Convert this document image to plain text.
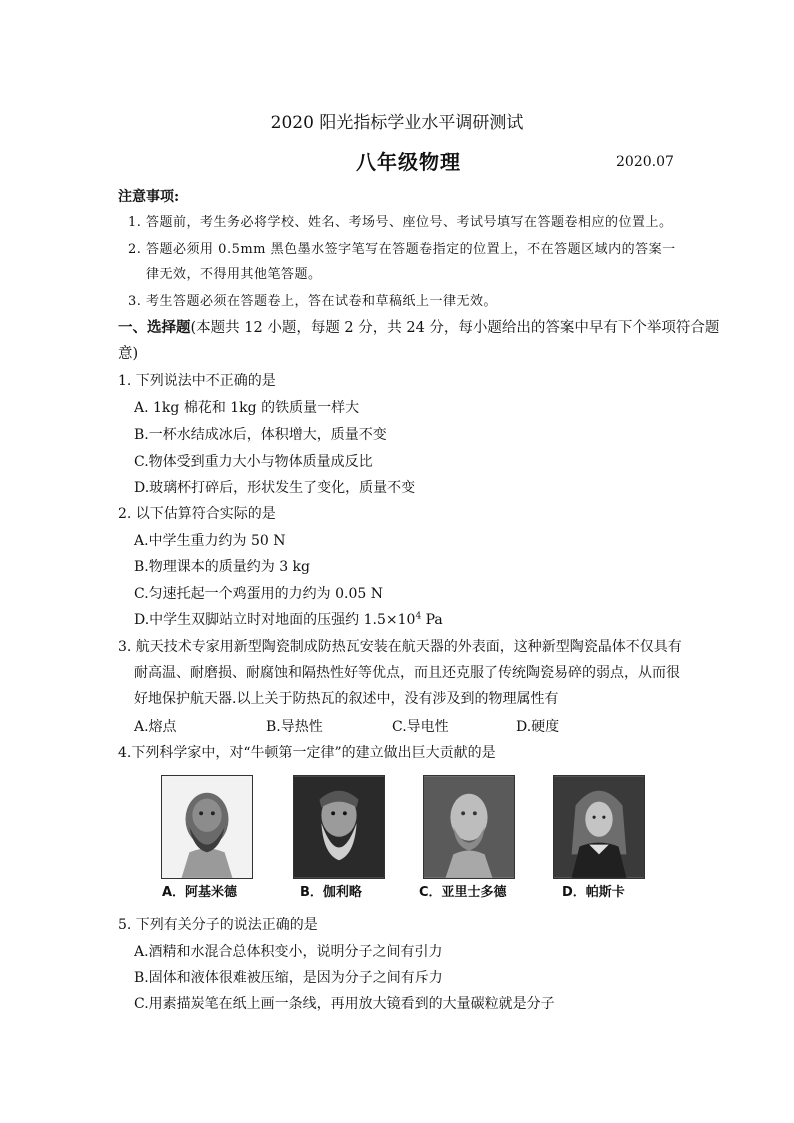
2020 阳光指标学业水平调研测试
八年级物理	2020.07
注意事项:
1. 答题前，考生务必将学校、姓名、考场号、座位号、考试号填写在答题卷相应的位置上。
2. 答题必须用 0.5mm 黑色墨水签字笔写在答题卷指定的位置上，不在答题区域内的答案一
律无效，不得用其他笔答题。
3. 考生答题必须在答题卷上，答在试卷和草稿纸上一律无效。
一、选择题(本题共 12 小题，每题 2 分，共 24 分，每小题给出的答案中早有下个举项符合题
意)
1. 下列说法中不正确的是
A. 1kg 棉花和 1kg 的铁质量一样大
B.一杯水结成冰后，体积增大，质量不变
C.物体受到重力大小与物体质量成反比
D.玻璃杯打碎后，形状发生了变化，质量不变
2. 以下估算符合实际的是
A.中学生重力约为 50 N
B.物理课本的质量约为 3 kg
C.匀速托起一个鸡蛋用的力约为 0.05 N
D.中学生双脚站立时对地面的压强约 $1.5\times 10^4$ Pa
3. 航天技术专家用新型陶瓷制成防热瓦安装在航天器的外表面，这种新型陶瓷晶体不仅具有
耐高温、耐磨损、耐腐蚀和隔热性好等优点，而且还克服了传统陶瓷易碎的弱点，从而很
好地保护航天器.以上关于防热瓦的叙述中，没有涉及到的物理属性有
A.熔点	B.导热性	C.导电性	D.硬度
4.下列科学家中，对“牛顿第一定律”的建立做出巨大贡献的是
A．阿基米德	B．伽利略	C．亚里士多德	D．帕斯卡
5. 下列有关分子的说法正确的是
A.酒精和水混合总体积变小，说明分子之间有引力
B.固体和液体很难被压缩，是因为分子之间有斥力
C.用素描炭笔在纸上画一条线，再用放大镜看到的大量碳粒就是分子
